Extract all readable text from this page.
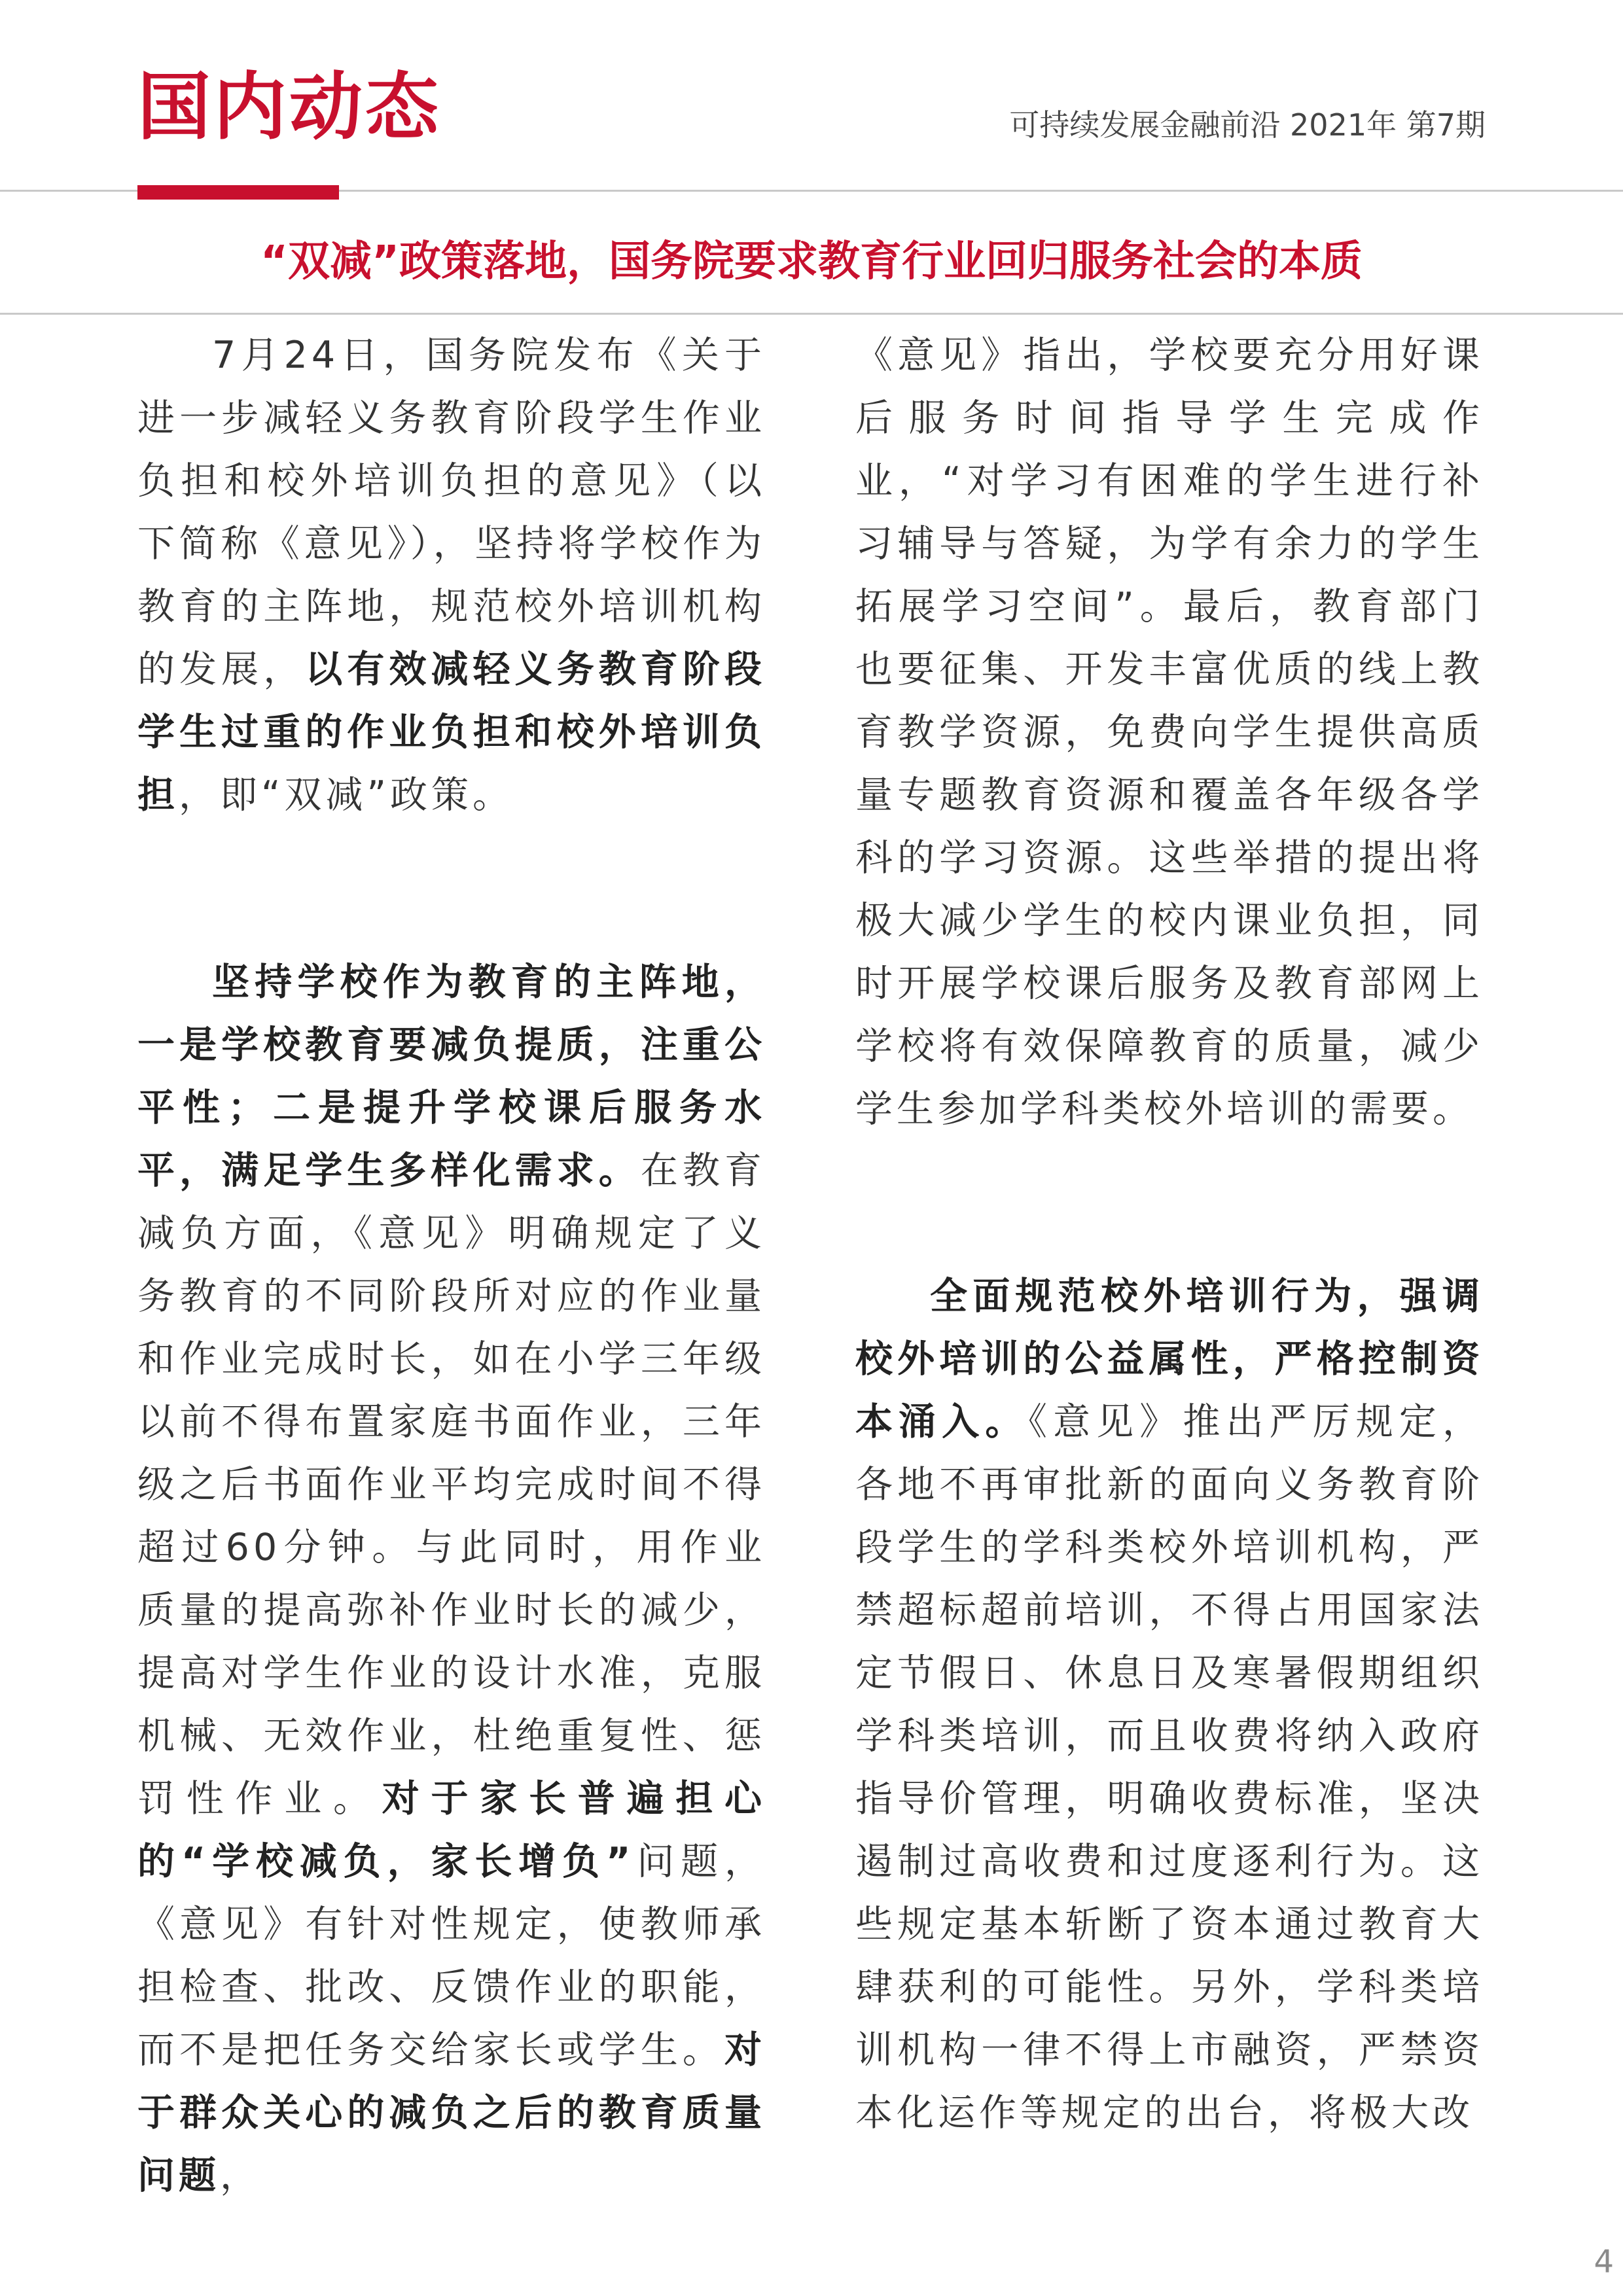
国内动态	可持续发展金融前沿 2021年 第7期
“双减”政策落地，国务院要求教育行业回归服务社会的本质

7月24日，国务院发布《关于进一步减轻义务教育阶段学生作业负担和校外培训负担的意见》（以下简称《意见》），坚持将学校作为教育的主阵地，规范校外培训机构的发展，以有效减轻义务教育阶段学生过重的作业负担和校外培训负担，即“双减”政策。

坚持学校作为教育的主阵地，一是学校教育要减负提质，注重公平性；二是提升学校课后服务水平，满足学生多样化需求。在教育减负方面，《意见》明确规定了义务教育的不同阶段所对应的作业量和作业完成时长，如在小学三年级以前不得布置家庭书面作业，三年级之后书面作业平均完成时间不得超过60分钟。与此同时，用作业质量的提高弥补作业时长的减少，提高对学生作业的设计水准，克服机械、无效作业，杜绝重复性、惩罚性作业。对于家长普遍担心的“学校减负，家长增负”问题，《意见》有针对性规定，使教师承担检查、批改、反馈作业的职能，而不是把任务交给家长或学生。对于群众关心的减负之后的教育质量问题，

《意见》指出，学校要充分用好课后服务时间指导学生完成作业，“对学习有困难的学生进行补习辅导与答疑，为学有余力的学生拓展学习空间”。最后，教育部门也要征集、开发丰富优质的线上教育教学资源，免费向学生提供高质量专题教育资源和覆盖各年级各学科的学习资源。这些举措的提出将极大减少学生的校内课业负担，同时开展学校课后服务及教育部网上学校将有效保障教育的质量，减少学生参加学科类校外培训的需要。

全面规范校外培训行为，强调校外培训的公益属性，严格控制资本涌入。《意见》推出严厉规定，各地不再审批新的面向义务教育阶段学生的学科类校外培训机构，严禁超标超前培训，不得占用国家法定节假日、休息日及寒暑假期组织学科类培训，而且收费将纳入政府指导价管理，明确收费标准，坚决遏制过高收费和过度逐利行为。这些规定基本斩断了资本通过教育大肆获利的可能性。另外，学科类培训机构一律不得上市融资，严禁资本化运作等规定的出台，将极大改

4
